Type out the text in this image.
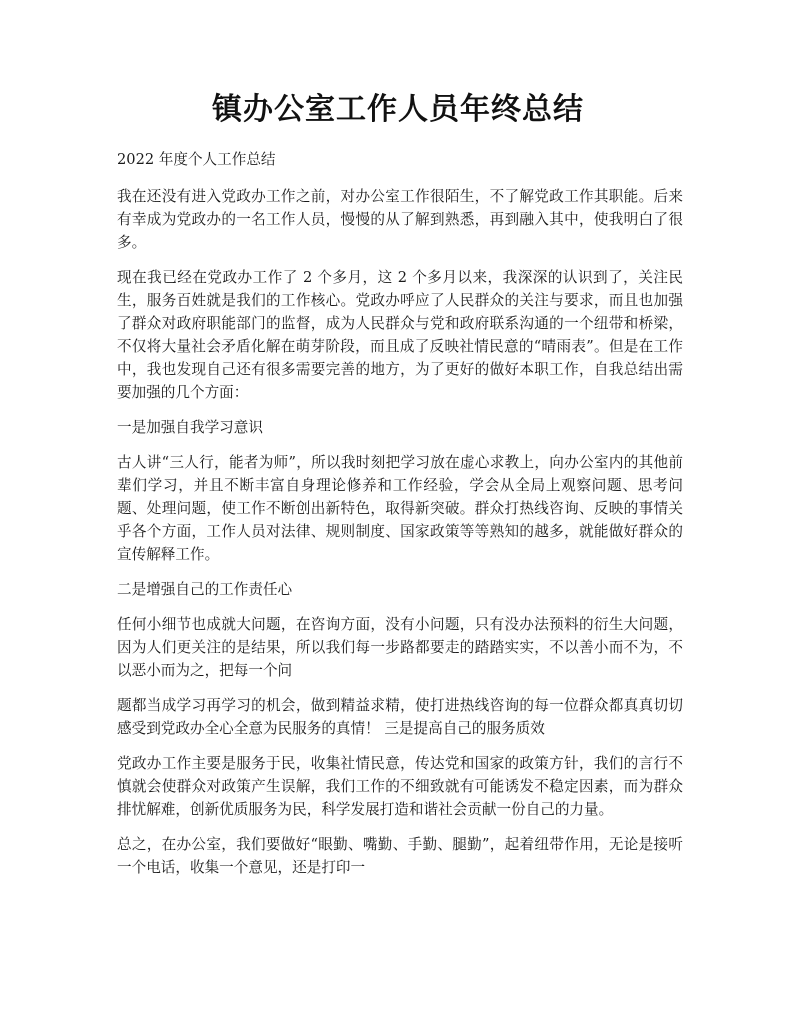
镇办公室工作人员年终总结

2022 年度个人工作总结

我在还没有进入党政办工作之前，对办公室工作很陌生，不了解党政工作其职能。后来有幸成为党政办的一名工作人员，慢慢的从了解到熟悉，再到融入其中，使我明白了很多。

现在我已经在党政办工作了 2 个多月，这 2 个多月以来，我深深的认识到了，关注民生，服务百姓就是我们的工作核心。党政办呼应了人民群众的关注与要求，而且也加强了群众对政府职能部门的监督，成为人民群众与党和政府联系沟通的一个纽带和桥梁，不仅将大量社会矛盾化解在萌芽阶段，而且成了反映社情民意的“晴雨表”。但是在工作中，我也发现自己还有很多需要完善的地方，为了更好的做好本职工作，自我总结出需要加强的几个方面：

一是加强自我学习意识

古人讲“三人行，能者为师”，所以我时刻把学习放在虚心求教上，向办公室内的其他前辈们学习，并且不断丰富自身理论修养和工作经验，学会从全局上观察问题、思考问题、处理问题，使工作不断创出新特色，取得新突破。群众打热线咨询、反映的事情关乎各个方面，工作人员对法律、规则制度、国家政策等等熟知的越多，就能做好群众的宣传解释工作。

二是增强自己的工作责任心

任何小细节也成就大问题，在咨询方面，没有小问题，只有没办法预料的衍生大问题，因为人们更关注的是结果，所以我们每一步路都要走的踏踏实实，不以善小而不为，不以恶小而为之，把每一个问

题都当成学习再学习的机会，做到精益求精，使打进热线咨询的每一位群众都真真切切感受到党政办全心全意为民服务的真情！ 三是提高自己的服务质效

党政办工作主要是服务于民，收集社情民意，传达党和国家的政策方针，我们的言行不慎就会使群众对政策产生误解，我们工作的不细致就有可能诱发不稳定因素，而为群众排忧解难，创新优质服务为民，科学发展打造和谐社会贡献一份自己的力量。

总之，在办公室，我们要做好“眼勤、嘴勤、手勤、腿勤”，起着纽带作用，无论是接听一个电话，收集一个意见，还是打印一
